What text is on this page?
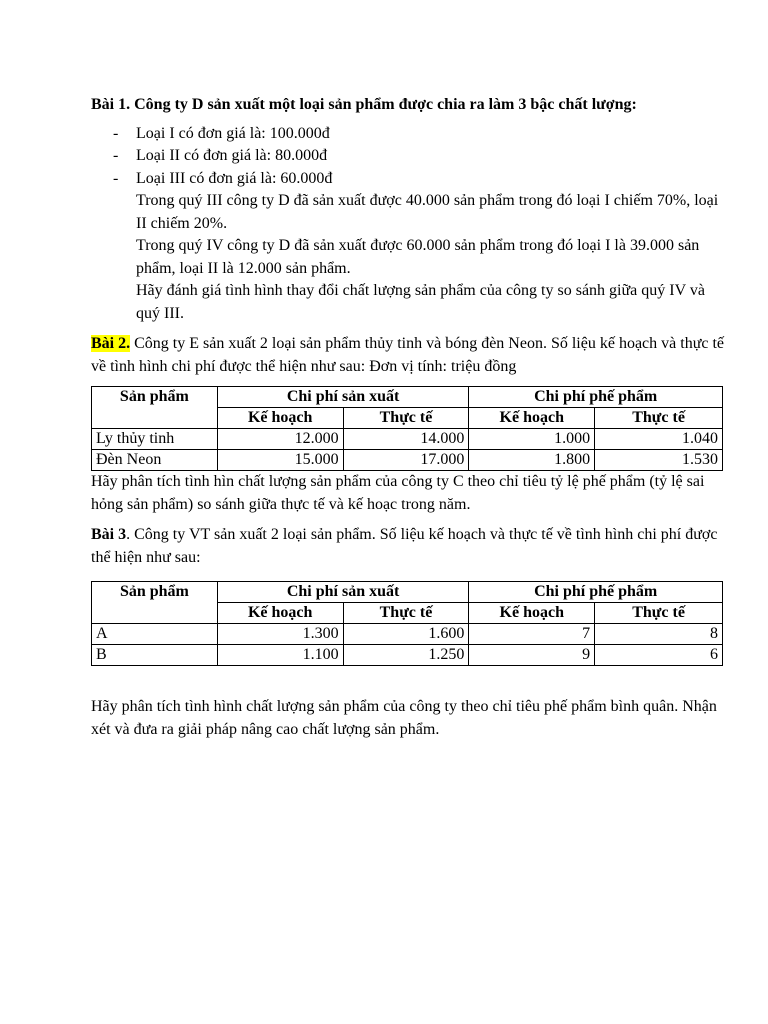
Bài 1. Công ty D sản xuất một loại sản phẩm được chia ra làm 3 bậc chất lượng:

- Loại I có đơn giá là: 100.000đ
- Loại II có đơn giá là: 80.000đ
- Loại III có đơn giá là: 60.000đ

Trong quý III công ty D đã sản xuất được 40.000 sản phẩm trong đó loại I chiếm 70%, loại II chiếm 20%.

Trong quý IV công ty D đã sản xuất được 60.000 sản phẩm trong đó loại I là 39.000 sản phẩm, loại II là 12.000 sản phẩm.

Hãy đánh giá tình hình thay đổi chất lượng sản phẩm của công ty so sánh giữa quý IV và quý III.

Bài 2. Công ty E sản xuất 2 loại sản phẩm thủy tinh và bóng đèn Neon. Số liệu kế hoạch và thực tế về tình hình chi phí được thể hiện như sau: Đơn vị tính: triệu đồng

Sản phẩm	Chi phí sản xuất		Chi phí phế phẩm	
	Kế hoạch	Thực tế	Kế hoạch	Thực tế
Ly thủy tinh	12.000	14.000	1.000	1.040
Đèn Neon	15.000	17.000	1.800	1.530

Hãy phân tích tình hìn chất lượng sản phẩm của công ty C theo chỉ tiêu tỷ lệ phế phẩm (tỷ lệ sai hỏng sản phẩm) so sánh giữa thực tế và kế hoạc trong năm.

Bài 3. Công ty VT sản xuất 2 loại sản phẩm. Số liệu kế hoạch và thực tế về tình hình chi phí được thể hiện như sau:

Sản phẩm	Chi phí sản xuất		Chi phí phế phẩm	
	Kế hoạch	Thực tế	Kế hoạch	Thực tế
A	1.300	1.600	7	8
B	1.100	1.250	9	6

Hãy phân tích tình hình chất lượng sản phẩm của công ty theo chỉ tiêu phế phẩm bình quân. Nhận xét và đưa ra giải pháp nâng cao chất lượng sản phẩm.
